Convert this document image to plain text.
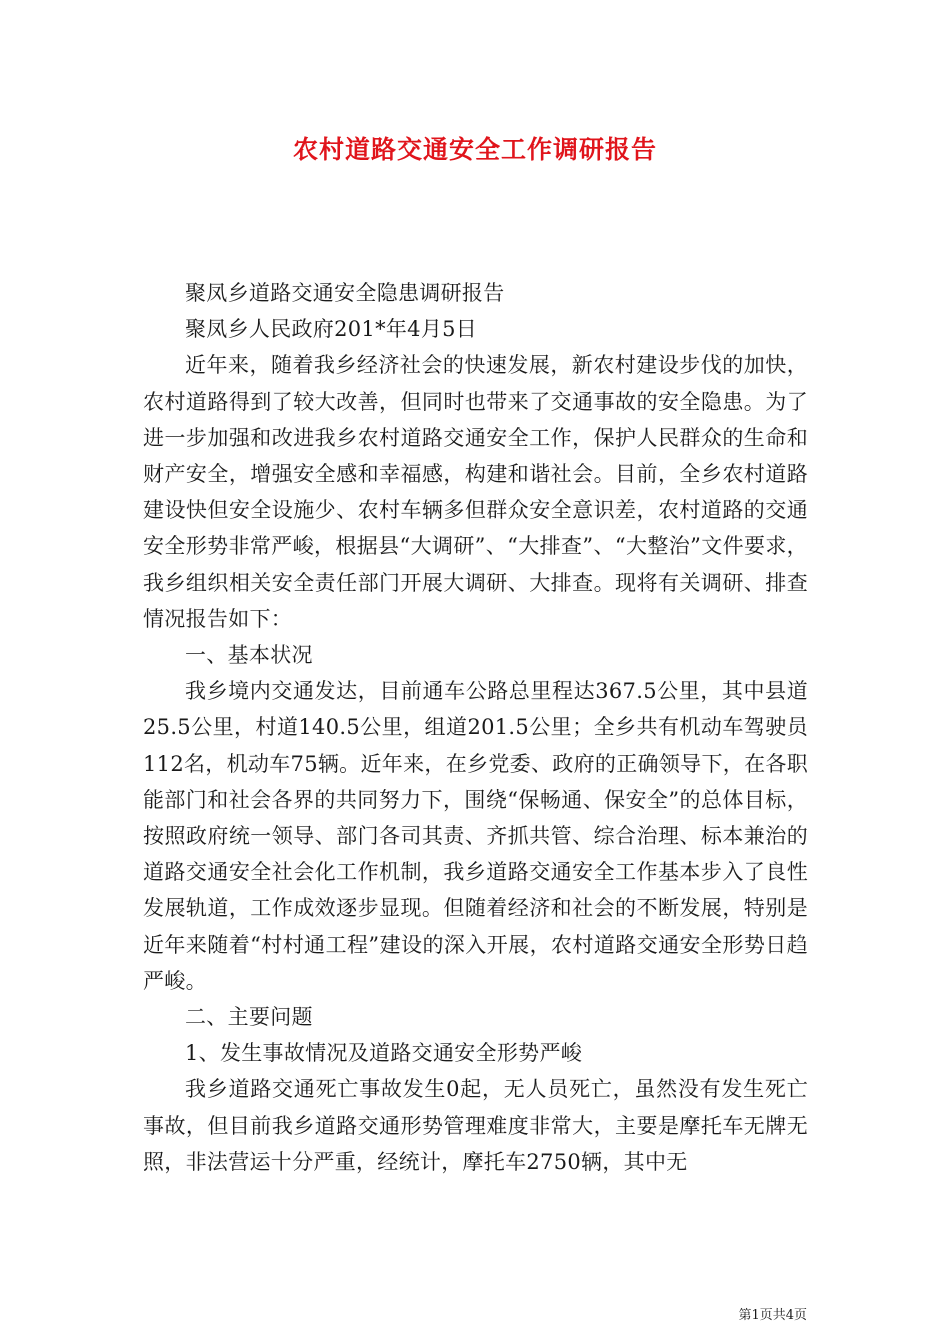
农村道路交通安全工作调研报告

聚凤乡道路交通安全隐患调研报告

聚凤乡人民政府201*年4月5日

近年来，随着我乡经济社会的快速发展，新农村建设步伐的加快，农村道路得到了较大改善，但同时也带来了交通事故的安全隐患。为了进一步加强和改进我乡农村道路交通安全工作，保护人民群众的生命和财产安全，增强安全感和幸福感，构建和谐社会。目前，全乡农村道路建设快但安全设施少、农村车辆多但群众安全意识差，农村道路的交通安全形势非常严峻，根据县“大调研”、“大排查”、“大整治”文件要求，我乡组织相关安全责任部门开展大调研、大排查。现将有关调研、排查情况报告如下：

一、基本状况

我乡境内交通发达，目前通车公路总里程达367.5公里，其中县道25.5公里，村道140.5公里，组道201.5公里；全乡共有机动车驾驶员112名，机动车75辆。近年来，在乡党委、政府的正确领导下，在各职能部门和社会各界的共同努力下，围绕“保畅通、保安全”的总体目标，按照政府统一领导、部门各司其责、齐抓共管、综合治理、标本兼治的道路交通安全社会化工作机制，我乡道路交通安全工作基本步入了良性发展轨道，工作成效逐步显现。但随着经济和社会的不断发展，特别是近年来随着“村村通工程”建设的深入开展，农村道路交通安全形势日趋严峻。

二、主要问题

1、发生事故情况及道路交通安全形势严峻

我乡道路交通死亡事故发生0起，无人员死亡，虽然没有发生死亡事故，但目前我乡道路交通形势管理难度非常大，主要是摩托车无牌无照，非法营运十分严重，经统计，摩托车2750辆，其中无

第1页共4页
